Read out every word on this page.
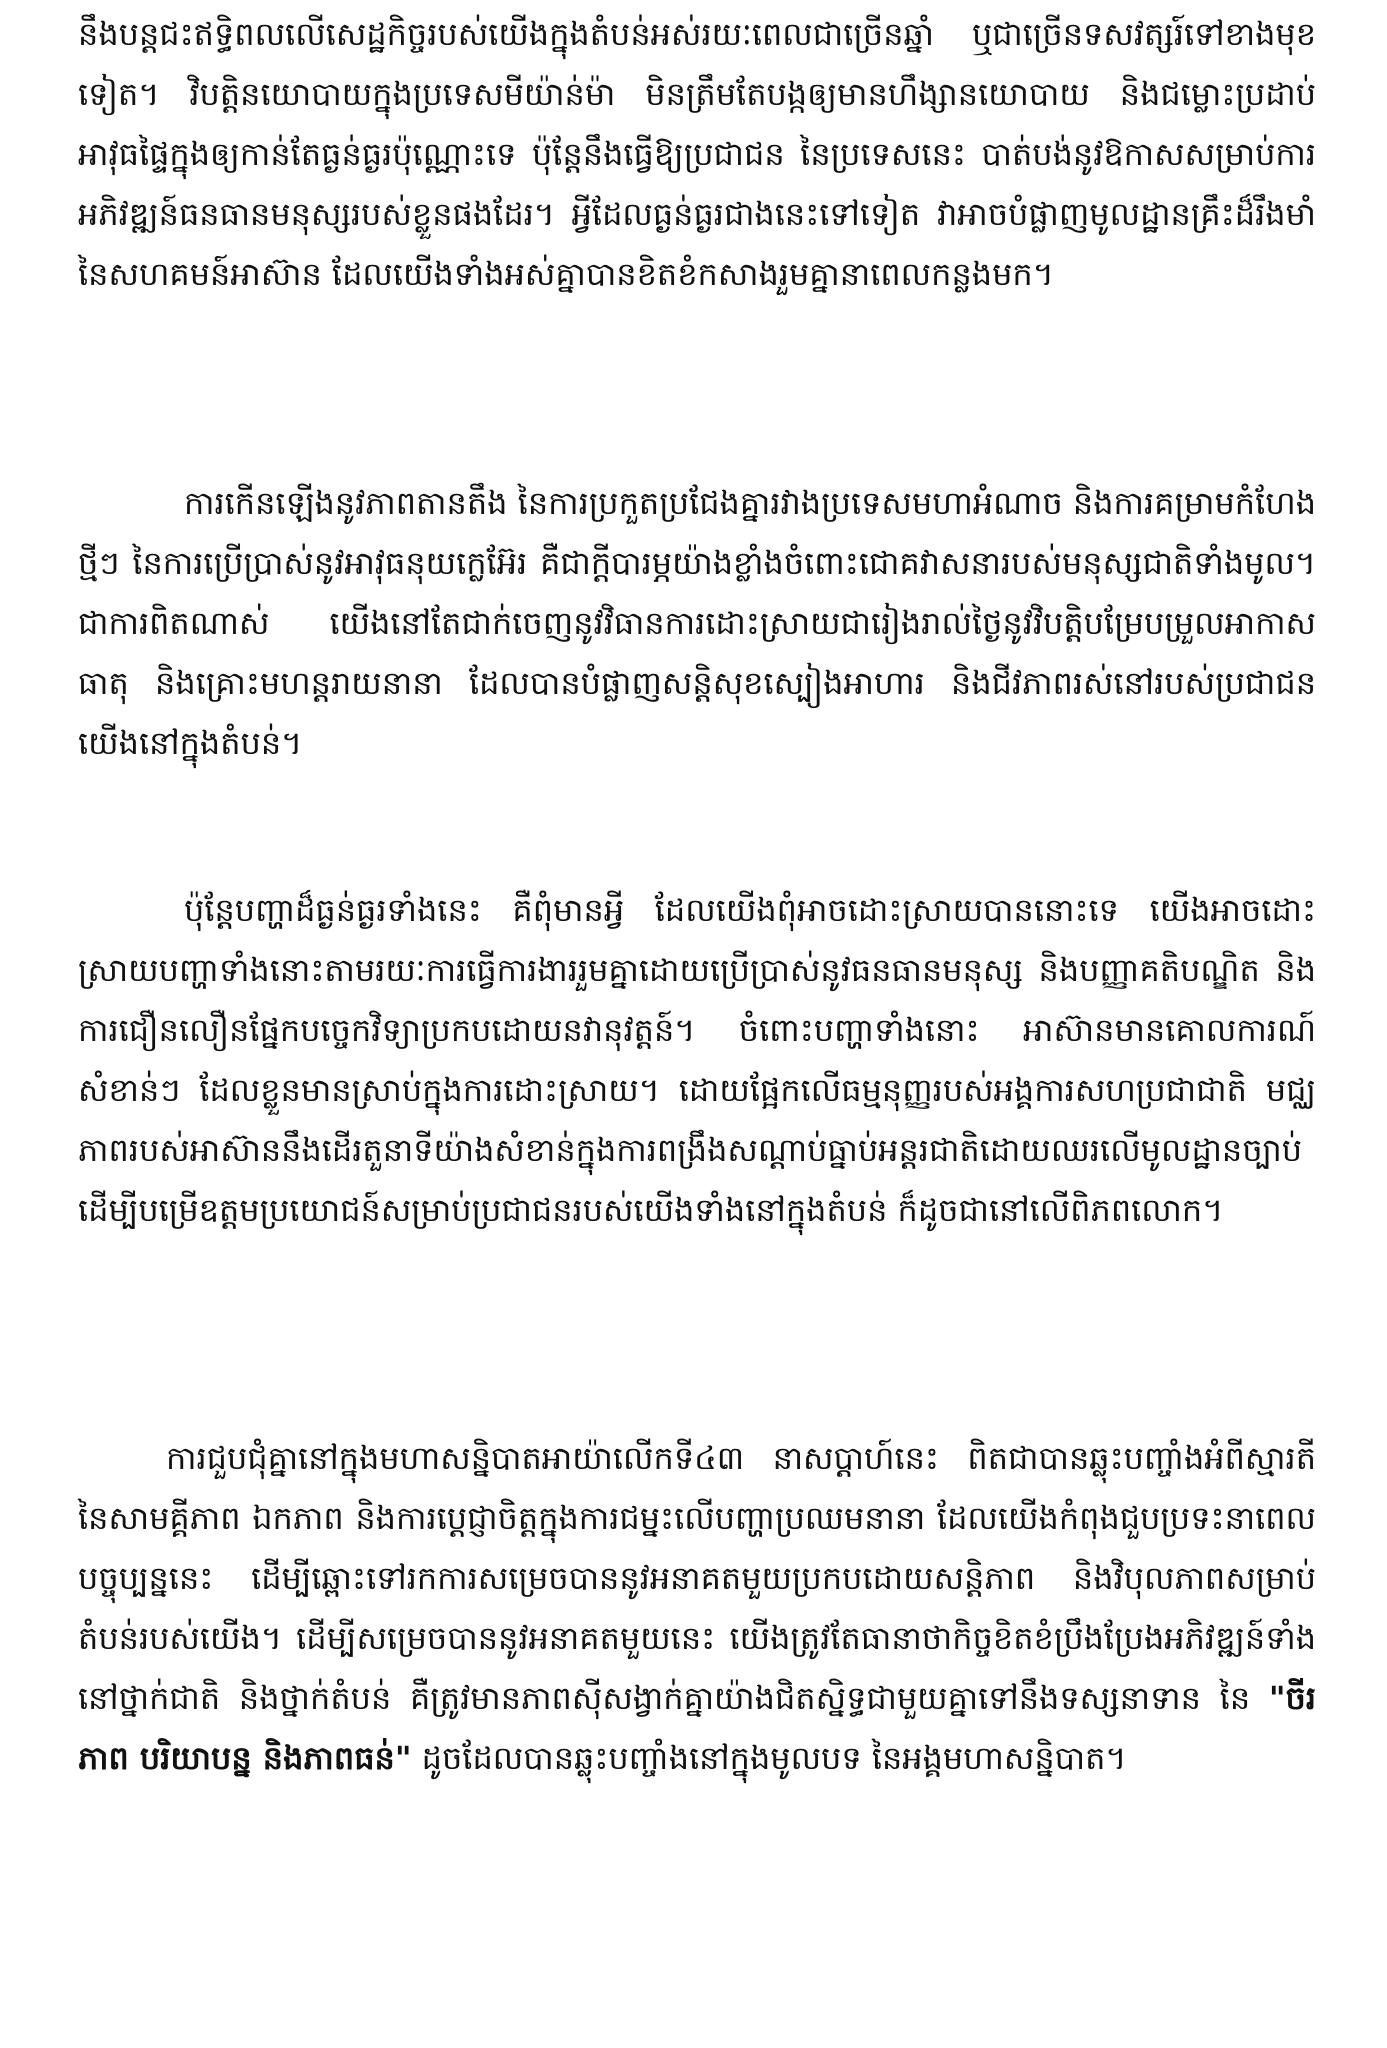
នឹងបន្តជះឥទ្ធិពលលើសេដ្ឋកិច្ចរបស់យើងក្នុងតំបន់អស់រយៈពេលជាច្រើនឆ្នាំ ឬជាច្រើនទសវត្សរ៍ទៅខាងមុខទៀត។ វិបត្តិនយោបាយក្នុងប្រទេសមីយ៉ាន់ម៉ា មិនត្រឹមតែបង្កឲ្យមានហឹង្សានយោបាយ និងជម្លោះប្រដាប់អាវុធផ្ទៃក្នុងឲ្យកាន់តែធ្ងន់ធ្ងរប៉ុណ្ណោះទេ ប៉ុន្តែនឹងធ្វើឱ្យប្រជាជន នៃប្រទេសនេះ បាត់បង់នូវឱកាសសម្រាប់ការអភិវឌ្ឍន៍ធនធានមនុស្សរបស់ខ្លួនផងដែរ។ អ្វីដែលធ្ងន់ធ្ងរជាងនេះទៅទៀត វាអាចបំផ្លាញមូលដ្ឋានគ្រឹះដ៏រឹងមាំ នៃសហគមន៍អាស៊ាន ដែលយើងទាំងអស់គ្នាបានខិតខំកសាងរួមគ្នានាពេលកន្លងមក។

ការកើនឡើងនូវភាពតានតឹង នៃការប្រកួតប្រជែងគ្នារវាងប្រទេសមហាអំណាច និងការគម្រាមកំហែងថ្មីៗ នៃការប្រើប្រាស់នូវអាវុធនុយក្លេអ៊ែរ គឺជាក្តីបារម្ភយ៉ាងខ្លាំងចំពោះជោគវាសនារបស់មនុស្សជាតិទាំងមូល។ ជាការពិតណាស់ យើងនៅតែជាក់ចេញនូវវិធានការដោះស្រាយជារៀងរាល់ថ្ងៃនូវវិបត្តិបម្រែបម្រួលអាកាសធាតុ និងគ្រោះមហន្តរាយនានា ដែលបានបំផ្លាញសន្តិសុខស្បៀងអាហារ និងជីវភាពរស់នៅរបស់ប្រជាជនយើងនៅក្នុងតំបន់។

ប៉ុន្តែបញ្ហាដ៏ធ្ងន់ធ្ងរទាំងនេះ គឺពុំមានអ្វី ដែលយើងពុំអាចដោះស្រាយបាននោះទេ យើងអាចដោះស្រាយបញ្ហាទាំងនោះតាមរយៈការធ្វើការងាររួមគ្នាដោយប្រើប្រាស់នូវធនធានមនុស្ស និងបញ្ញាគតិបណ្ឌិត និងការជឿនលឿនផ្នែកបច្ចេកវិទ្យាប្រកបដោយនវានុវត្តន៍។ ចំពោះបញ្ហាទាំងនោះ អាស៊ានមានគោលការណ៍សំខាន់ៗ ដែលខ្លួនមានស្រាប់ក្នុងការដោះស្រាយ។ ដោយផ្អែកលើធម្មនុញ្ញរបស់អង្គការសហប្រជាជាតិ មជ្ឈភាពរបស់អាស៊ាននឹងដើរតួនាទីយ៉ាងសំខាន់ក្នុងការពង្រឹងសណ្តាប់ធ្នាប់អន្តរជាតិដោយឈរលើមូលដ្ឋានច្បាប់ ដើម្បីបម្រើឧត្តមប្រយោជន៍សម្រាប់ប្រជាជនរបស់យើងទាំងនៅក្នុងតំបន់ ក៏ដូចជានៅលើពិភពលោក។

ការជួបជុំគ្នានៅក្នុងមហាសន្និបាតអាយ៉ាលើកទី៤៣ នាសប្តាហ៍នេះ ពិតជាបានឆ្លុះបញ្ចាំងអំពីស្មារតី នៃសាមគ្គីភាព ឯកភាព និងការប្តេជ្ញាចិត្តក្នុងការជម្នះលើបញ្ហាប្រឈមនានា ដែលយើងកំពុងជួបប្រទះនាពេលបច្ចុប្បន្ននេះ ដើម្បីឆ្ពោះទៅរកការសម្រេចបាននូវអនាគតមួយប្រកបដោយសន្តិភាព និងវិបុលភាពសម្រាប់តំបន់របស់យើង។ ដើម្បីសម្រេចបាននូវអនាគតមួយនេះ យើងត្រូវតែធានាថាកិច្ចខិតខំប្រឹងប្រែងអភិវឌ្ឍន៍ទាំងនៅថ្នាក់ជាតិ និងថ្នាក់តំបន់ គឺត្រូវមានភាពស៊ីសង្វាក់គ្នាយ៉ាងជិតស្និទ្ធជាមួយគ្នាទៅនឹងទស្សនាទាន នៃ "ចីរភាព បរិយាបន្ន និងភាពធន់" ដូចដែលបានឆ្លុះបញ្ចាំងនៅក្នុងមូលបទ នៃអង្គមហាសន្និបាត។
